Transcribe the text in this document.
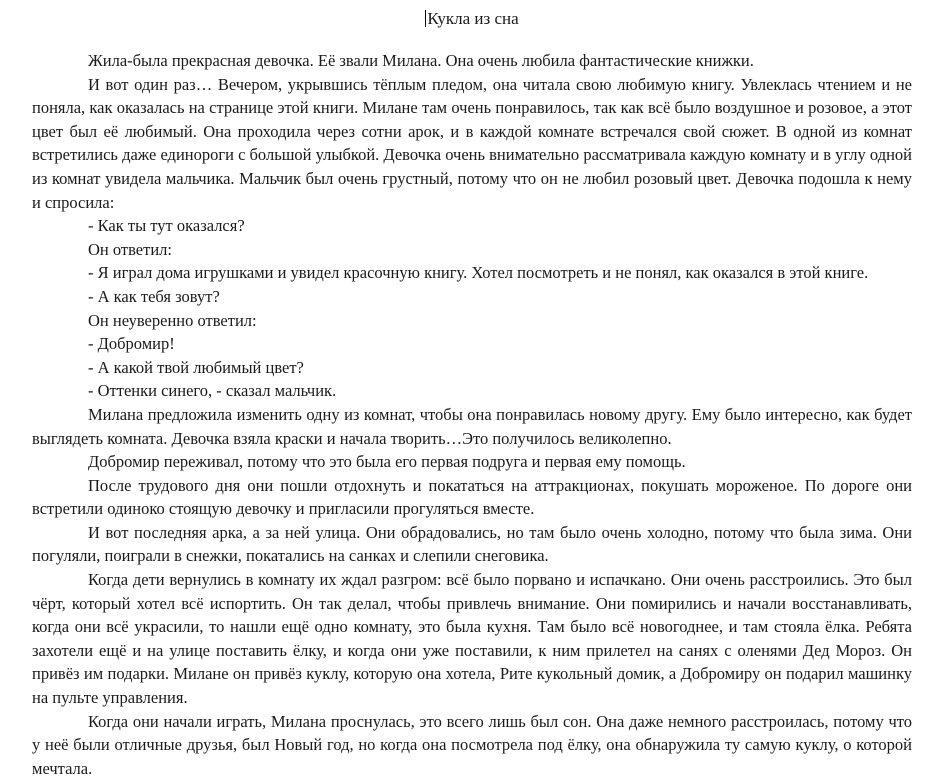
Кукла из сна

Жила-была прекрасная девочка. Её звали Милана. Она очень любила фантастические книжки.

И вот один раз… Вечером, укрывшись тёплым пледом, она читала свою любимую книгу. Увлеклась чтением и не поняла, как оказалась на странице этой книги. Милане там очень понравилось, так как всё было воздушное и розовое, а этот цвет был её любимый. Она проходила через сотни арок, и в каждой комнате встречался свой сюжет. В одной из комнат встретились даже единороги с большой улыбкой. Девочка очень внимательно рассматривала каждую комнату и в углу одной из комнат увидела мальчика. Мальчик был очень грустный, потому что он не любил розовый цвет. Девочка подошла к нему и спросила:

- Как ты тут оказался?

Он ответил:

- Я играл дома игрушками и увидел красочную книгу. Хотел посмотреть и не понял, как оказался в этой книге.

- А как тебя зовут?

Он неуверенно ответил:

- Добромир!

- А какой твой любимый цвет?

- Оттенки синего, - сказал мальчик.

Милана предложила изменить одну из комнат, чтобы она понравилась новому другу. Ему было интересно, как будет выглядеть комната. Девочка взяла краски и начала творить…Это получилось великолепно.

Добромир переживал, потому что это была его первая подруга и первая ему помощь.

После трудового дня они пошли отдохнуть и покататься на аттракционах, покушать мороженое. По дороге они встретили одиноко стоящую девочку и пригласили прогуляться вместе.

И вот последняя арка, а за ней улица. Они обрадовались, но там было очень холодно, потому что была зима. Они погуляли, поиграли в снежки, покатались на санках и слепили снеговика.

Когда дети вернулись в комнату их ждал разгром: всё было порвано и испачкано. Они очень расстроились. Это был чёрт, который хотел всё испортить. Он так делал, чтобы привлечь внимание. Они помирились и начали восстанавливать, когда они всё украсили, то нашли ещё одно комнату, это была кухня. Там было всё новогоднее, и там стояла ёлка. Ребята захотели ещё и на улице поставить ёлку, и когда они уже поставили, к ним прилетел на санях с оленями Дед Мороз. Он привёз им подарки. Милане он привёз куклу, которую она хотела, Рите кукольный домик, а Добромиру он подарил машинку на пульте управления.

Когда они начали играть, Милана проснулась, это всего лишь был сон. Она даже немного расстроилась, потому что у неё были отличные друзья, был Новый год, но когда она посмотрела под ёлку, она обнаружила ту самую куклу, о которой мечтала.
